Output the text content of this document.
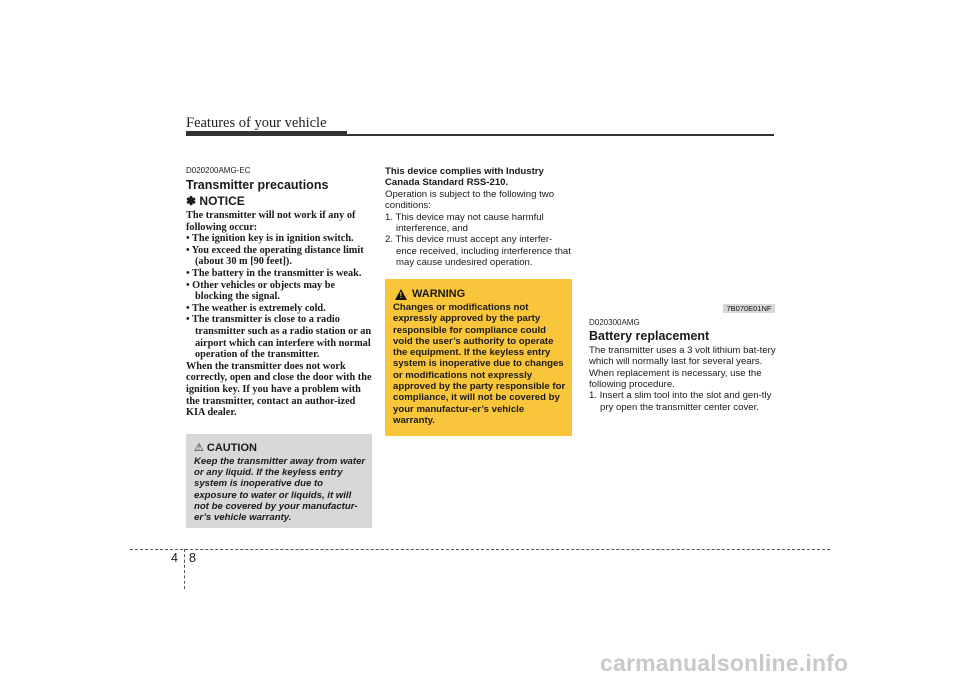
Features of your vehicle
D020200AMG-EC
Transmitter precautions
✽ NOTICE

The transmitter will not work if any of following occur:

• The ignition key is in ignition switch.

• You exceed the operating distance limit (about 30 m [90 feet]).

• The battery in the transmitter is weak.

• Other vehicles or objects may be blocking the signal.

• The weather is extremely cold.

• The transmitter is close to a radio transmitter such as a radio station or an airport which can interfere with normal operation of the transmitter.

When the transmitter does not work correctly, open and close the door with the ignition key. If you have a problem with the transmitter, contact an author-ized KIA dealer.

⚠ CAUTION
Keep the transmitter away from water or any liquid. If the keyless entry system is inoperative due to exposure to water or liquids, it will not be covered by your manufactur-er’s vehicle warranty.

This device complies with Industry Canada Standard RSS-210.

Operation is subject to the following two conditions:

1. This device may not cause harmful interference, and

2. This device must accept any interfer-ence received, including interference that may cause undesired operation.

! WARNING
Changes or modifications not expressly approved by the party responsible for compliance could void the user’s authority to operate the equipment. If the keyless entry system is inoperative due to changes or modifications not expressly approved by the party responsible for compliance, it will not be covered by your manufactur-er’s vehicle warranty.
7B070E01NF
D020300AMG
Battery replacement

The transmitter uses a 3 volt lithium bat-tery which will normally last for several years. When replacement is necessary, use the following procedure.

1. Insert a slim tool into the slot and gen-tly pry open the transmitter center cover.

4 8
carmanualsonline.info
